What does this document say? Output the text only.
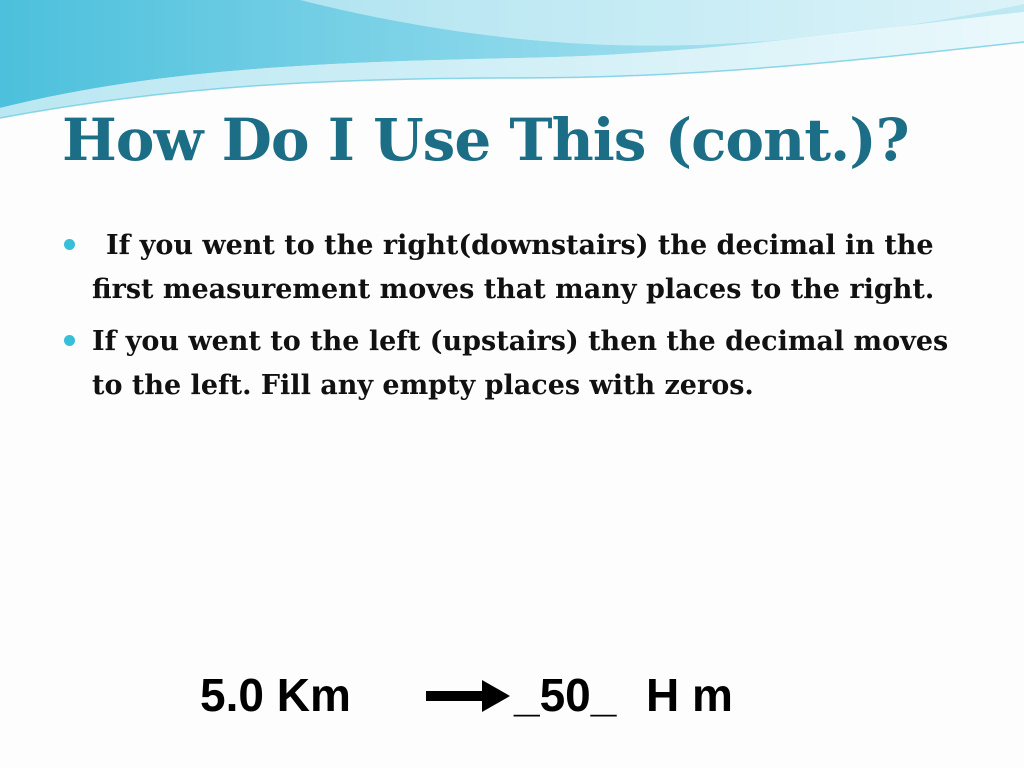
How Do I Use This (cont.)?
If you went to the right(downstairs) the decimal in the first measurement moves that many places to the right.
If you went to the left (upstairs) then the decimal moves to the left. Fill any empty places with zeros.
5.0 Km	_50_ H m
